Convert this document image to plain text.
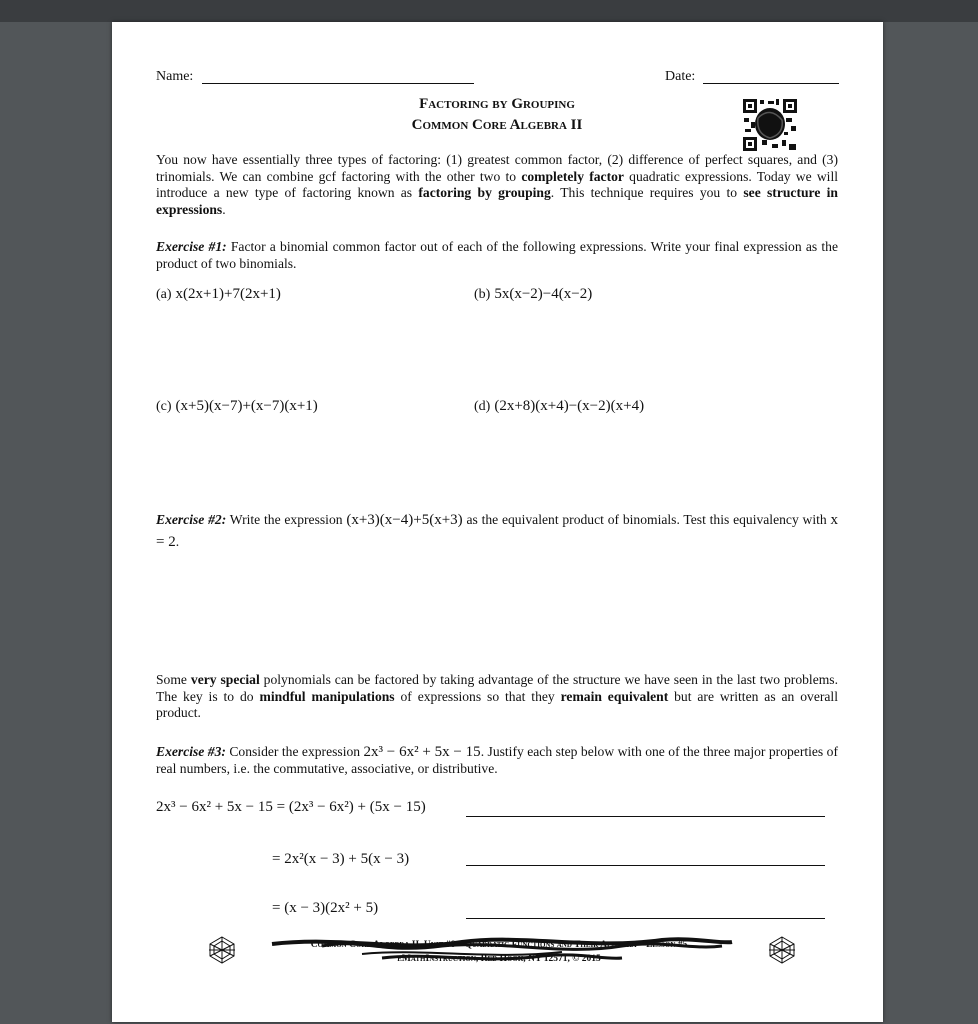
Name:	Date:
Factoring by Grouping
Common Core Algebra II
You now have essentially three types of factoring: (1) greatest common factor, (2) difference of perfect squares, and (3) trinomials. We can combine gcf factoring with the other two to completely factor quadratic expressions. Today we will introduce a new type of factoring known as factoring by grouping. This technique requires you to see structure in expressions.
Exercise #1: Factor a binomial common factor out of each of the following expressions. Write your final expression as the product of two binomials.
(a) x(2x+1)+7(2x+1)	(b) 5x(x−2)−4(x−2)
(c) (x+5)(x−7)+(x−7)(x+1)	(d) (2x+8)(x+4)−(x−2)(x+4)
Exercise #2: Write the expression (x+3)(x−4)+5(x+3) as the equivalent product of binomials. Test this equivalency with x = 2.
Some very special polynomials can be factored by taking advantage of the structure we have seen in the last two problems. The key is to do mindful manipulations of expressions so that they remain equivalent but are written as an overall product.
Exercise #3: Consider the expression 2x³ − 6x² + 5x − 15. Justify each step below with one of the three major properties of real numbers, i.e. the commutative, associative, or distributive.
2x³ − 6x² + 5x − 15 = (2x³ − 6x²) + (5x − 15)
= 2x²(x − 3) + 5(x − 3)
= (x − 3)(2x² + 5)
Common Core Algebra II, Unit #6 – Quadratic Functions and Their Algebra – Lesson #5
eMathInstruction, Red Hook, NY 12571, © 2015
